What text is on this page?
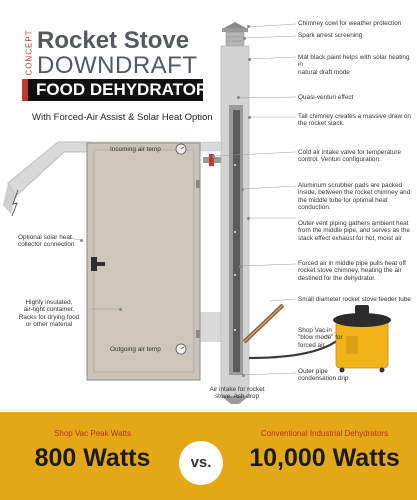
CONCEPT Rocket Stove
DOWNDRAFT
FOOD DEHYDRATOR
With Forced-Air Assist & Solar Heat Option
Chimney cowl for weather protection
Spark arrest screening
Mat black paint helps with solar heating in
natural draft mode
Quasi-venturi effect
Tall chimney creates a massive draw on
the rocket stack.
Cold air intake valve for temperature
control. Venturi configuration.
Aluminum scrubber pads are packed
inside, between the rocket chimney and
the middle tube for optimal heat
conduction.
Outer vent piping gathers ambient heat
from the middle pipe, and serves as the
stack effect exhaust for hot, moist air
Forced air in middle pipe pulls heat off
rocket stove chimney, heating the air
destined for the dehydrator.
Small diameter rocket stove feeder tube
Shop Vac in
"blow mode" for
forced air
Outer pipe
condensation drip
Air intake for rocket
stove. Ash drop
Incoming air temp
Outgoing air temp
Optional solar heat
collector connection
Highly insulated,
air-tight container.
Racks for drying food
or other material
Shop Vac Peak Watts
800 Watts	vs.
Conventional Industrial Dehydrators
10,000 Watts
